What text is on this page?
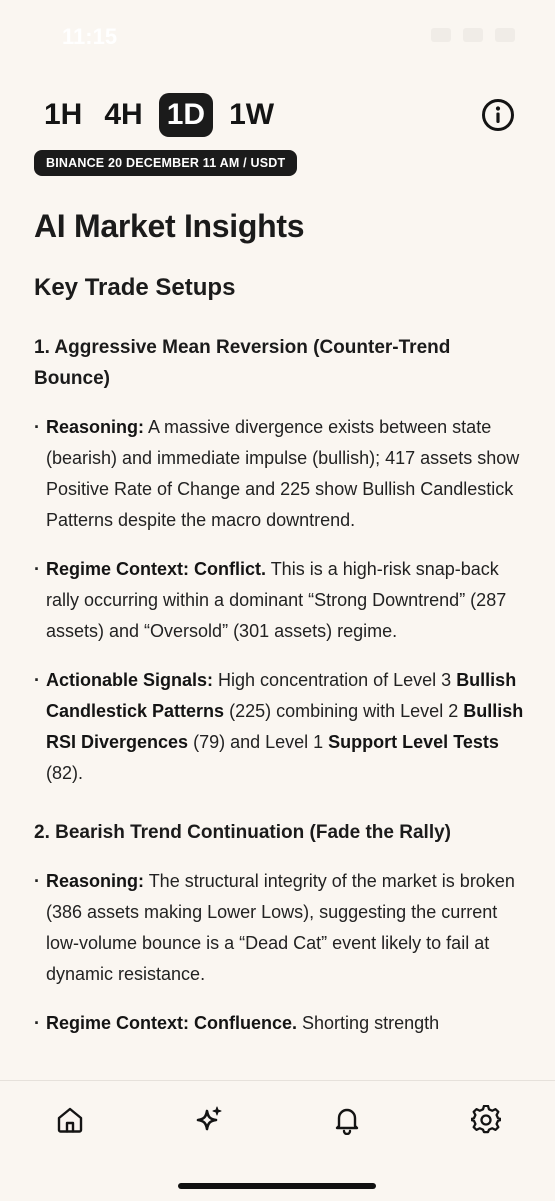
11:15
1H 4H 1D 1W
BINANCE 20 DECEMBER 11 AM / USDT
AI Market Insights
Key Trade Setups
1. Aggressive Mean Reversion (Counter-Trend Bounce)
· Reasoning: A massive divergence exists between state (bearish) and immediate impulse (bullish); 417 assets show Positive Rate of Change and 225 show Bullish Candlestick Patterns despite the macro downtrend.
· Regime Context: Conflict. This is a high-risk snap-back rally occurring within a dominant “Strong Downtrend” (287 assets) and “Oversold” (301 assets) regime.
· Actionable Signals: High concentration of Level 3 Bullish Candlestick Patterns (225) combining with Level 2 Bullish RSI Divergences (79) and Level 1 Support Level Tests (82).
2. Bearish Trend Continuation (Fade the Rally)
· Reasoning: The structural integrity of the market is broken (386 assets making Lower Lows), suggesting the current low-volume bounce is a “Dead Cat” event likely to fail at dynamic resistance.
· Regime Context: Confluence. Shorting strength
